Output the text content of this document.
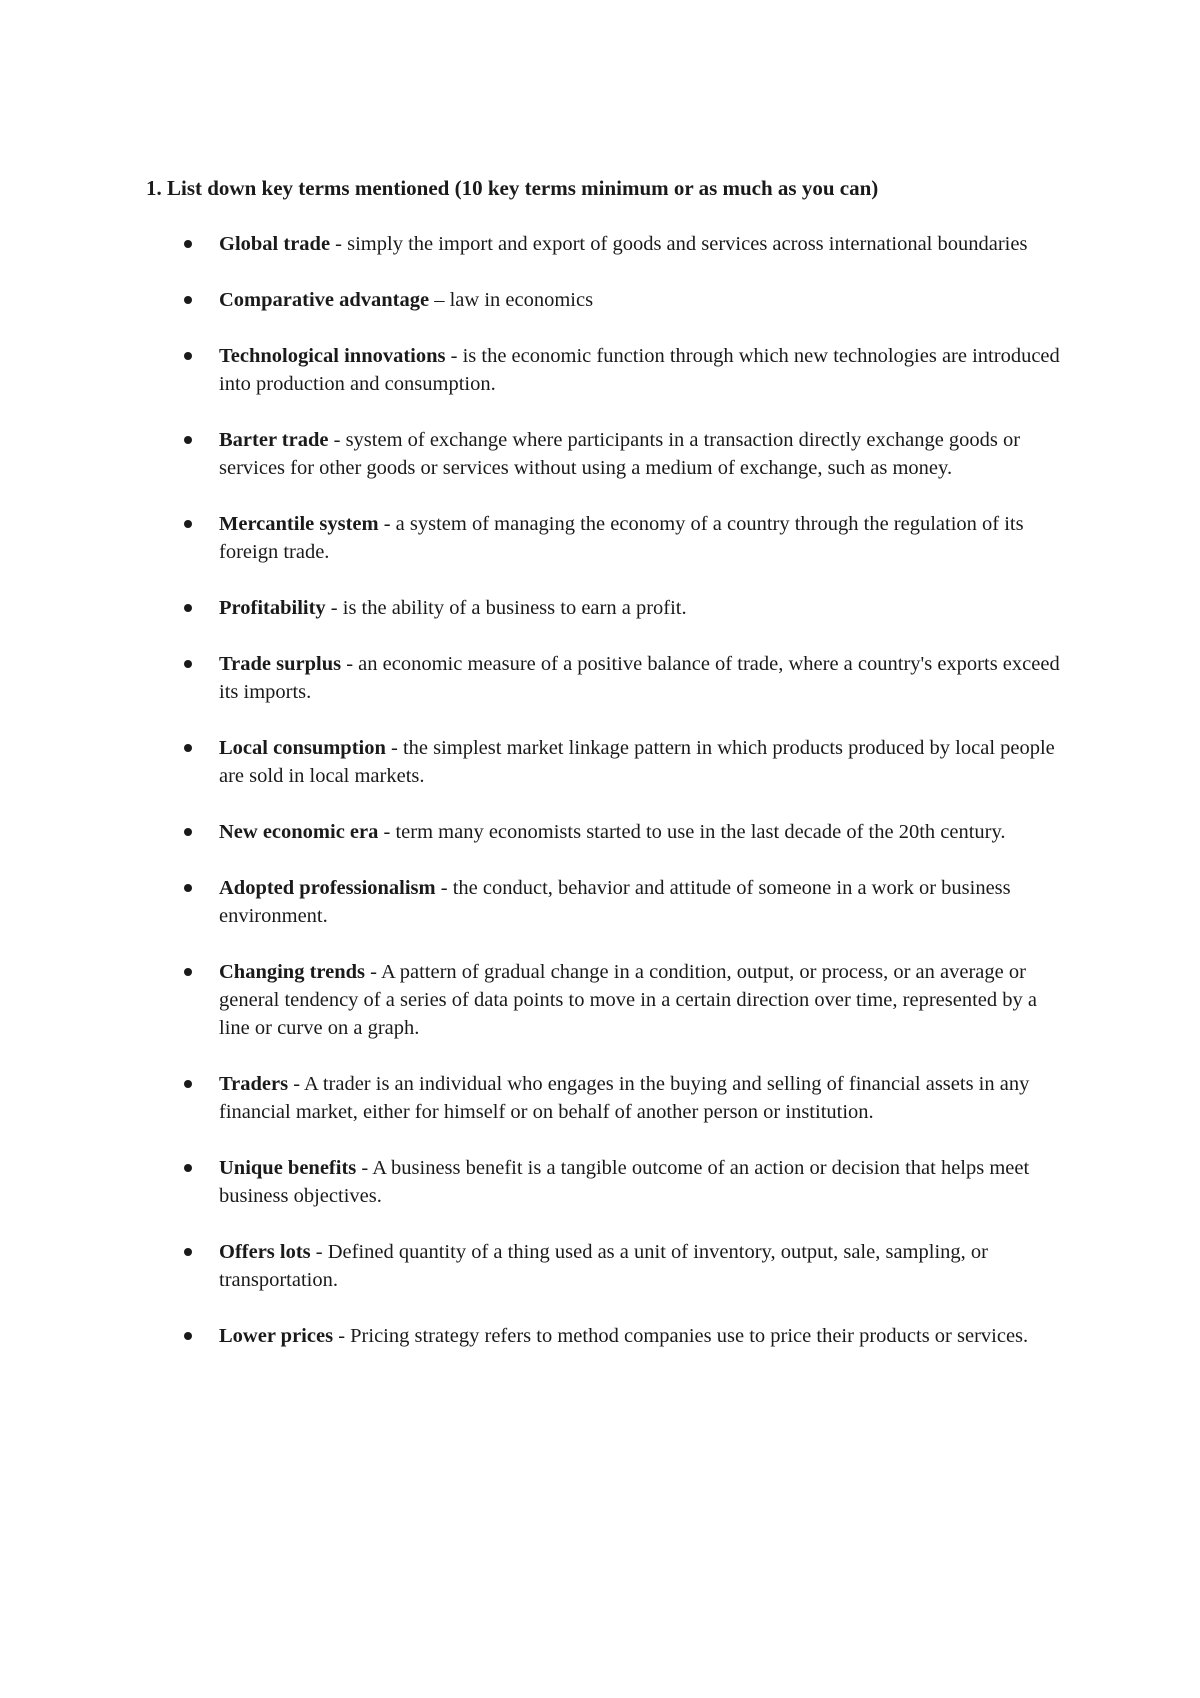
1. List down key terms mentioned (10 key terms minimum or as much as you can)

Global trade - simply the import and export of goods and services across international boundaries
Comparative advantage – law in economics
Technological innovations - is the economic function through which new technologies are introduced into production and consumption.
Barter trade - system of exchange where participants in a transaction directly exchange goods or services for other goods or services without using a medium of exchange, such as money.
Mercantile system - a system of managing the economy of a country through the regulation of its foreign trade.
Profitability - is the ability of a business to earn a profit.
Trade surplus - an economic measure of a positive balance of trade, where a country's exports exceed its imports.
Local consumption - the simplest market linkage pattern in which products produced by local people are sold in local markets.
New economic era - term many economists started to use in the last decade of the 20th century.
Adopted professionalism - the conduct, behavior and attitude of someone in a work or business environment.
Changing trends - A pattern of gradual change in a condition, output, or process, or an average or general tendency of a series of data points to move in a certain direction over time, represented by a line or curve on a graph.
Traders - A trader is an individual who engages in the buying and selling of financial assets in any financial market, either for himself or on behalf of another person or institution.
Unique benefits - A business benefit is a tangible outcome of an action or decision that helps meet business objectives.
Offers lots - Defined quantity of a thing used as a unit of inventory, output, sale, sampling, or transportation.
Lower prices - Pricing strategy refers to method companies use to price their products or services.
